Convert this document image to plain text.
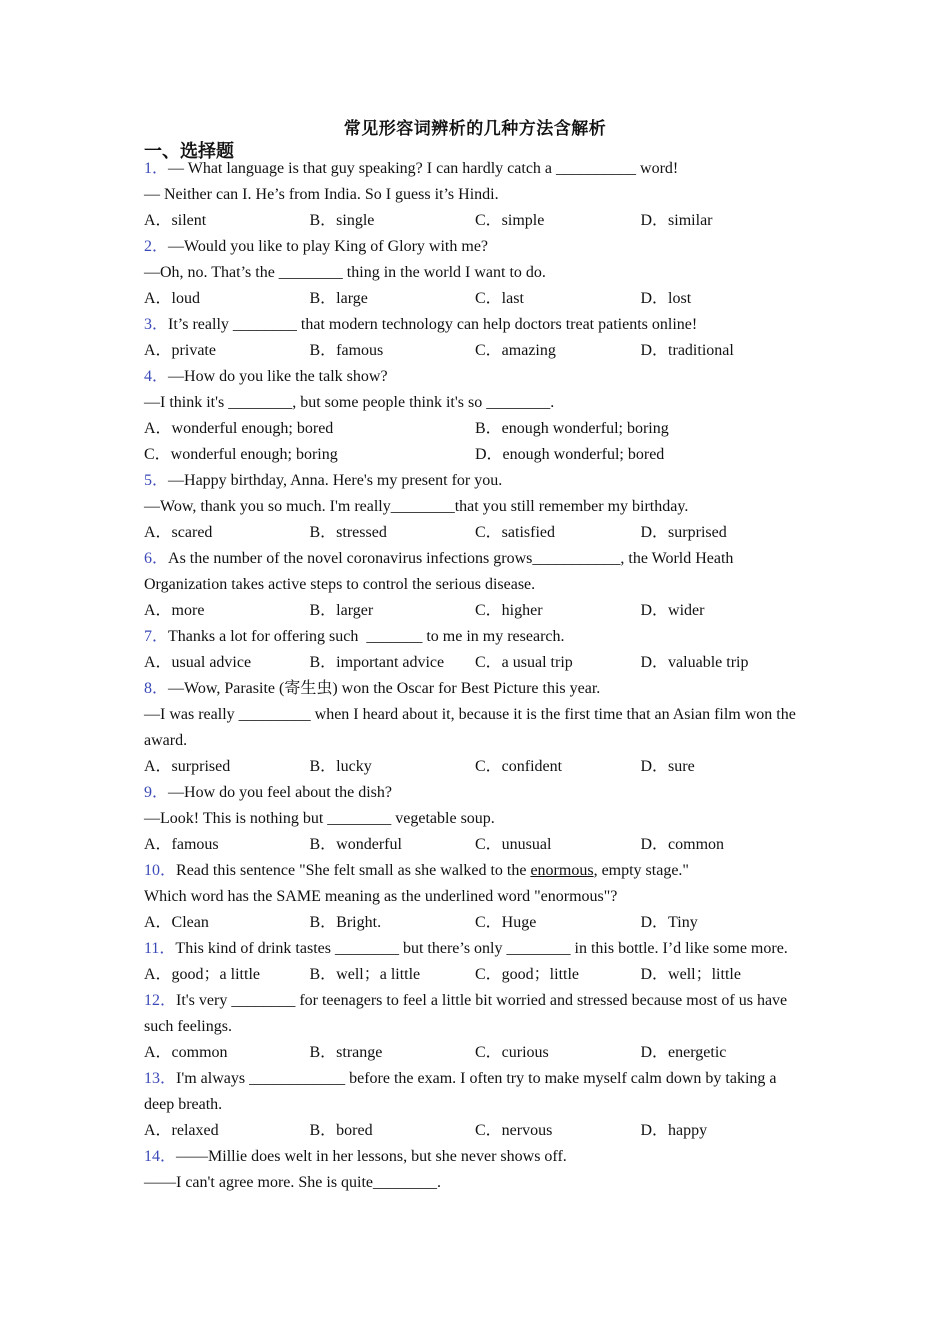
常见形容词辨析的几种方法含解析
一、选择题
1．— What language is that guy speaking? I can hardly catch a __________ word!
— Neither can I. He’s from India. So I guess it’s Hindi.
A．silent	B．single	C．simple	D．similar
2．—Would you like to play King of Glory with me?
—Oh, no. That’s the ________ thing in the world I want to do.
A．loud	B．large	C．last	D．lost
3．It’s really ________ that modern technology can help doctors treat patients online!
A．private	B．famous	C．amazing	D．traditional
4．—How do you like the talk show?
—I think it's ________, but some people think it's so ________.
A．wonderful enough; bored	B．enough wonderful; boring
C．wonderful enough; boring	D．enough wonderful; bored
5．—Happy birthday, Anna. Here's my present for you.
—Wow, thank you so much. I'm really________that you still remember my birthday.
A．scared	B．stressed	C．satisfied	D．surprised
6．As the number of the novel coronavirus infections grows___________, the World Heath Organization takes active steps to control the serious disease.
A．more	B．larger	C．higher	D．wider
7．Thanks a lot for offering such  _______ to me in my research.
A．usual advice	B．important advice	C．a usual trip	D．valuable trip
8．—Wow, Parasite (寄生虫) won the Oscar for Best Picture this year.
—I was really _________ when I heard about it, because it is the first time that an Asian film won the award.
A．surprised	B．lucky	C．confident	D．sure
9．—How do you feel about the dish?
—Look! This is nothing but ________ vegetable soup.
A．famous	B．wonderful	C．unusual	D．common
10．Read this sentence "She felt small as she walked to the enormous, empty stage."
Which word has the SAME meaning as the underlined word "enormous"?
A．Clean	B．Bright.	C．Huge	D．Tiny
11．This kind of drink tastes ________ but there’s only ________ in this bottle. I’d like some more.
A．good；a little	B．well；a little	C．good；little	D．well；little
12．It's very ________ for teenagers to feel a little bit worried and stressed because most of us have such feelings.
A．common	B．strange	C．curious	D．energetic
13．I'm always ____________ before the exam. I often try to make myself calm down by taking a deep breath.
A．relaxed	B．bored	C．nervous	D．happy
14．——Millie does welt in her lessons, but she never shows off.
——I can't agree more. She is quite________.
